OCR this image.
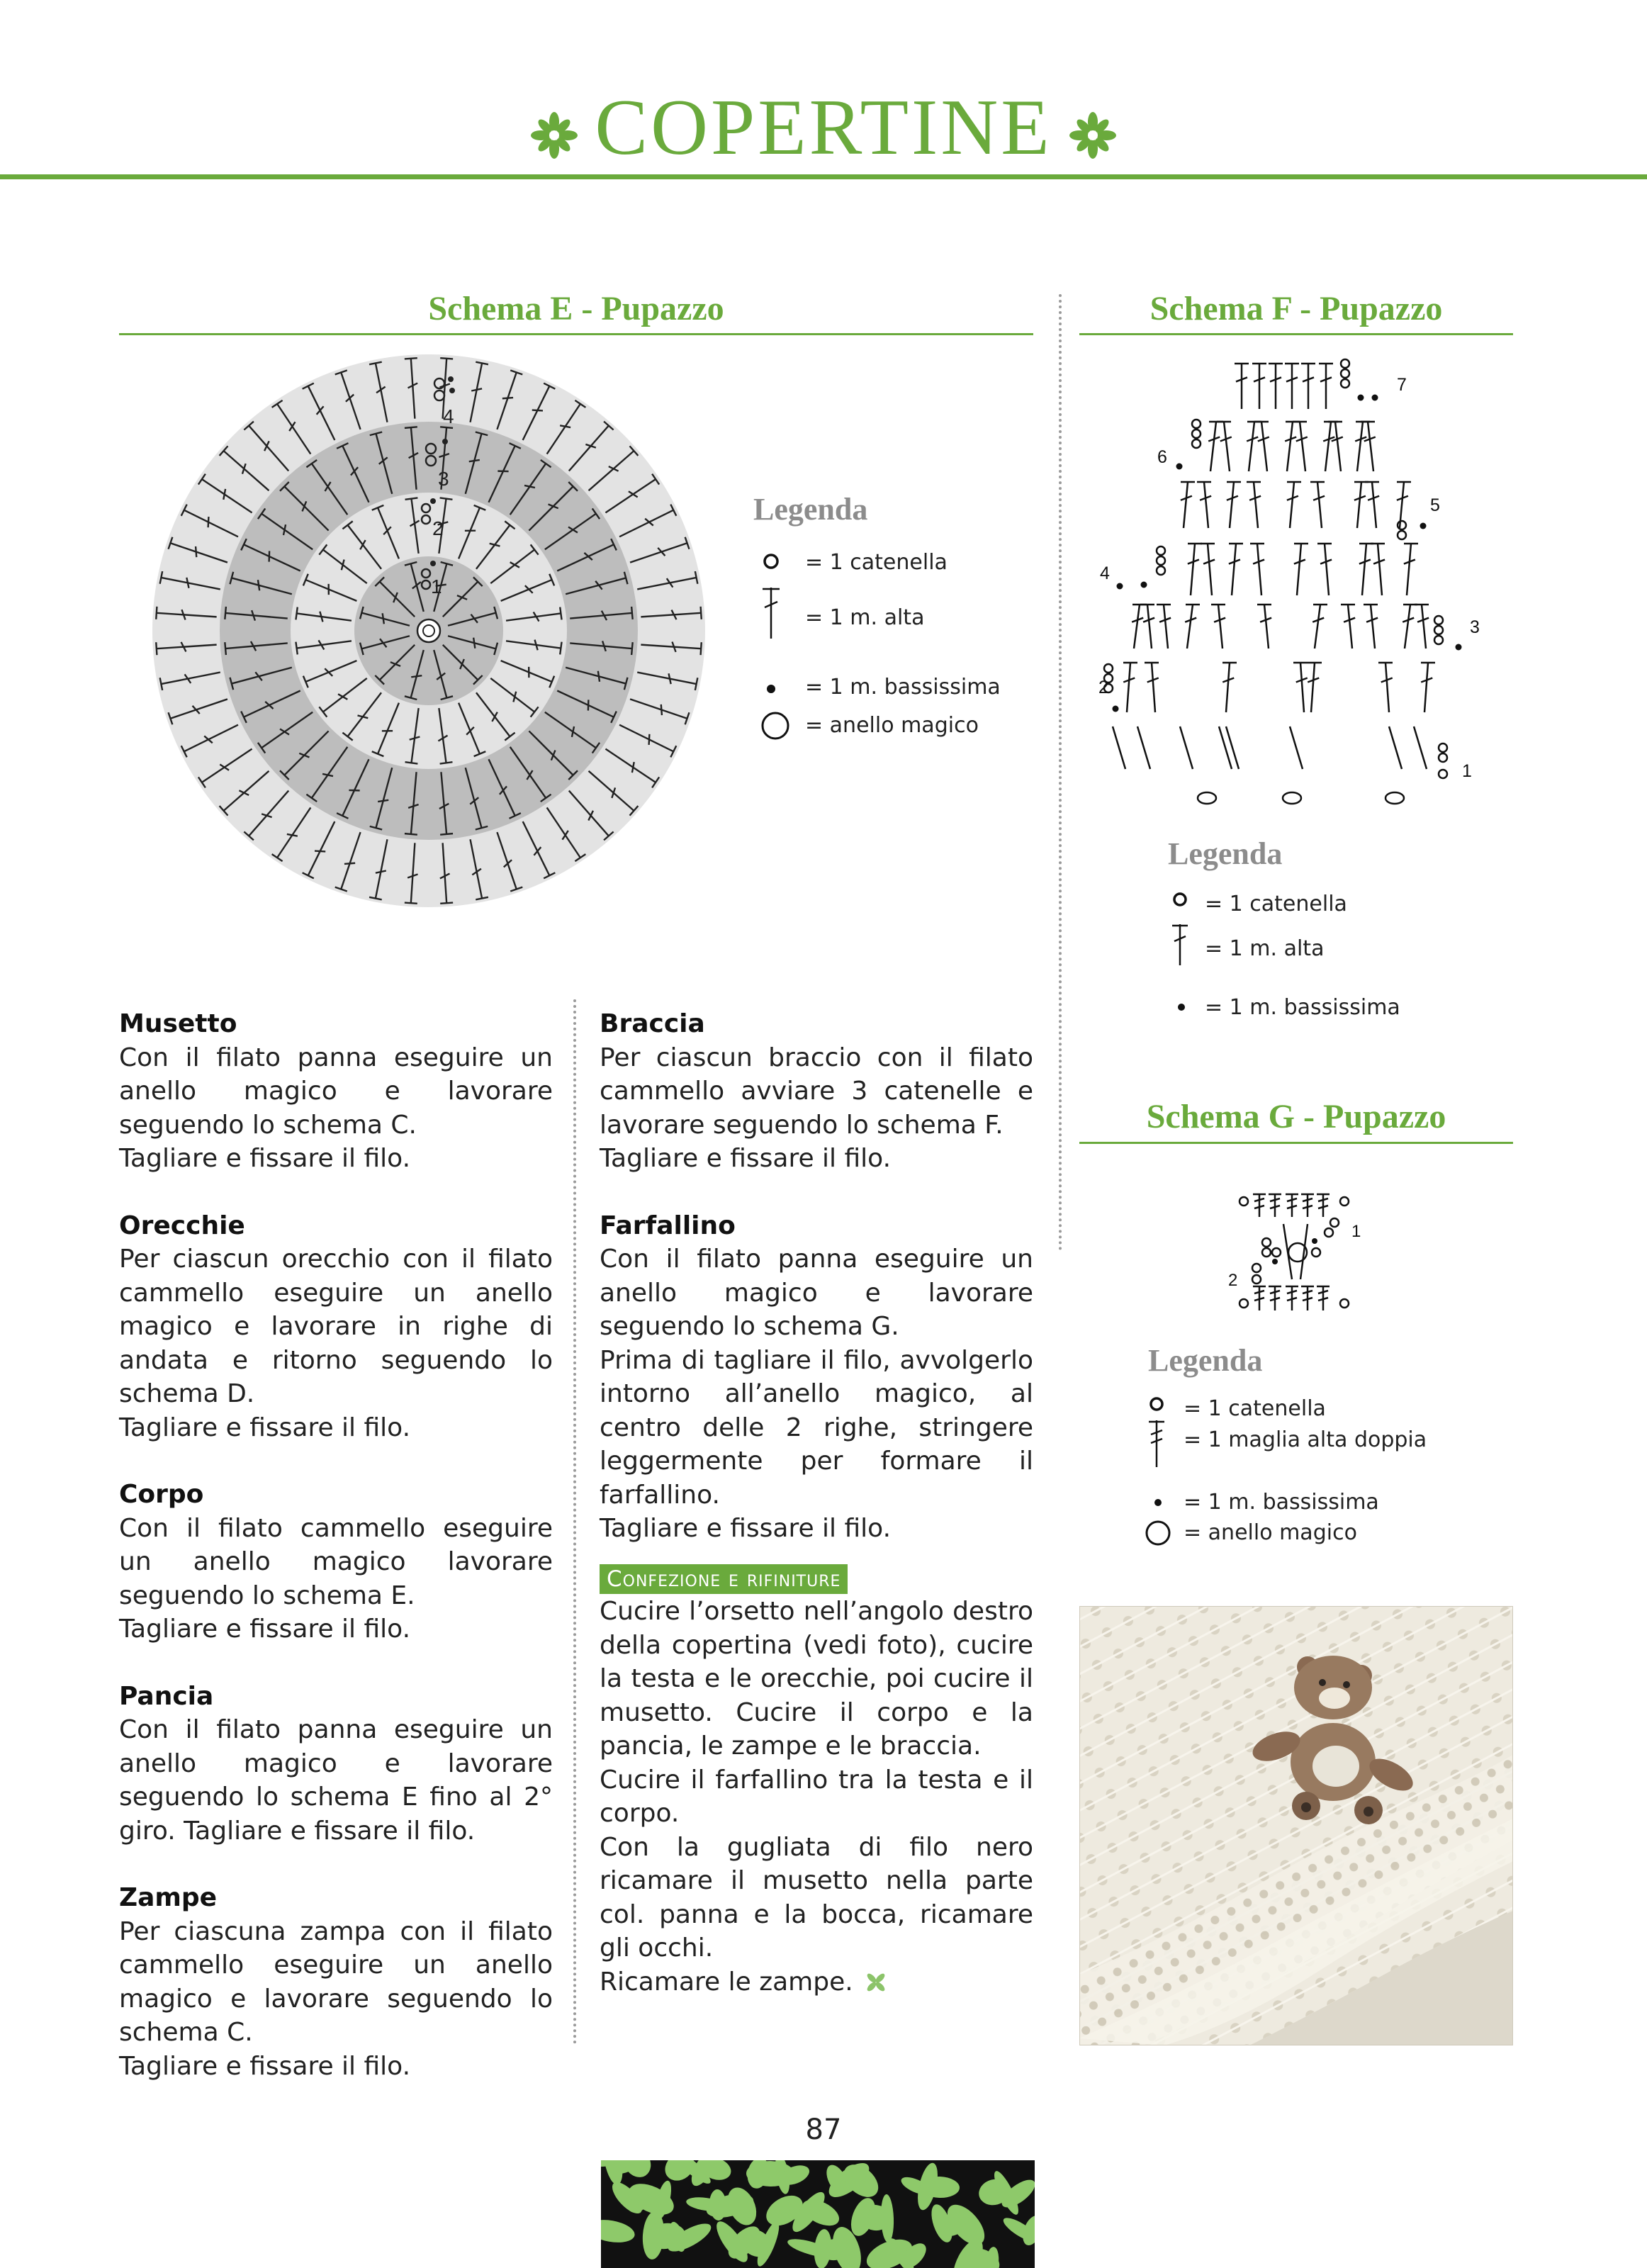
COPERTINE
Schema E - Pupazzo
1
2
3
4
Legenda
= 1 catenella
= 1 m. alta
= 1 m. bassissima
= anello magico
Schema F - Pupazzo
1
2
3
4
5
6
7
Legenda
= 1 catenella
= 1 m. alta
= 1 m. bassissima
Schema G - Pupazzo
1
2
Legenda
= 1 catenella
= 1 maglia alta doppia
= 1 m. bassissima
= anello magico

Musetto
Con il filato panna eseguire un anello magico e lavorare seguendo lo schema C.
Tagliare e fissare il filo.

Orecchie
Per ciascun orecchio con il filato cammello eseguire un anello magico e lavorare in righe di andata e ritorno seguendo lo schema D.
Tagliare e fissare il filo.

Corpo
Con il filato cammello eseguire un anello magico lavorare seguendo lo schema E.
Tagliare e fissare il filo.

Pancia
Con il filato panna eseguire un anello magico e lavorare seguendo lo schema E fino al 2° giro. Tagliare e fissare il filo.

Zampe
Per ciascuna zampa con il filato cammello eseguire un anello magico e lavorare seguendo lo schema C.
Tagliare e fissare il filo.

Braccia
Per ciascun braccio con il filato cammello avviare 3 catenelle e lavorare seguendo lo schema F.
Tagliare e fissare il filo.

Farfallino
Con il filato panna eseguire un anello magico e lavorare seguendo lo schema G.
Prima di tagliare il filo, avvolgerlo intorno all’anello magico, al centro delle 2 righe, stringere leggermente per formare il farfallino.
Tagliare e fissare il filo.

Confezione e rifiniture
Cucire l’orsetto nell’angolo destro della copertina (vedi foto), cucire la testa e le orecchie, poi cucire il musetto. Cucire il corpo e la pancia, le zampe e le braccia.
Cucire il farfallino tra la testa e il corpo.
Con la gugliata di filo nero ricamare il musetto nella parte col. panna e la bocca, ricamare gli occhi.
Ricamare le zampe.
87
